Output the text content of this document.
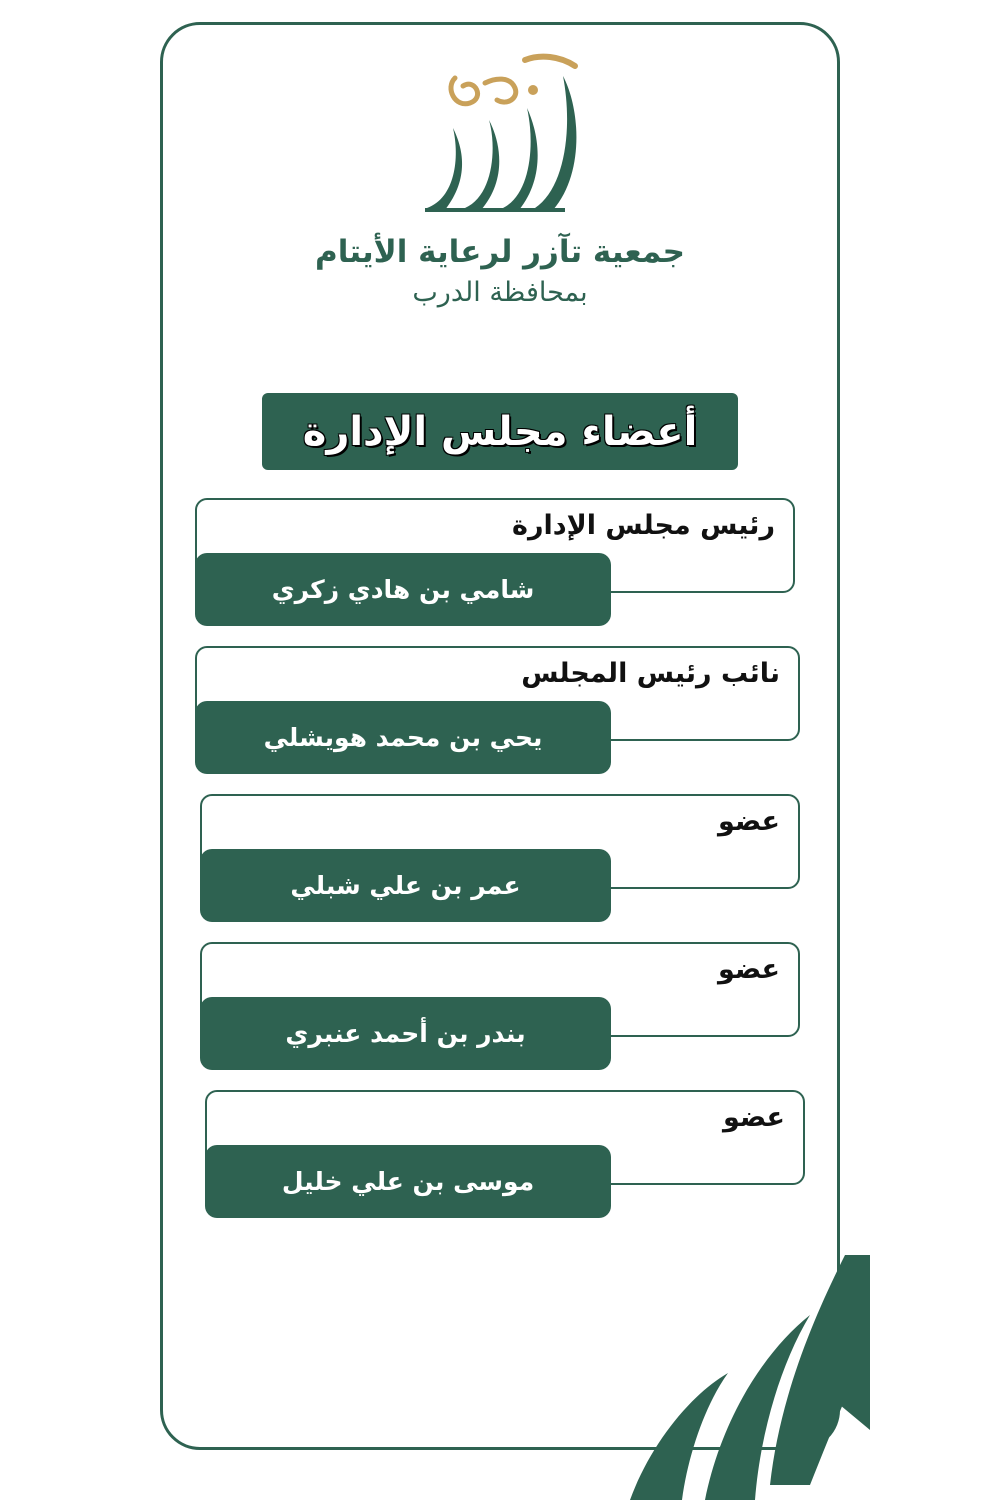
جمعية تآزر لرعاية الأيتام
بمحافظة الدرب
أعضاء مجلس الإدارة
رئيس مجلس الإدارة
شامي بن هادي زكري
نائب رئيس المجلس
يحي بن محمد هويشلي
عضو
عمر بن علي شبلي
عضو
بندر بن أحمد عنبري
عضو
موسى بن علي خليل
